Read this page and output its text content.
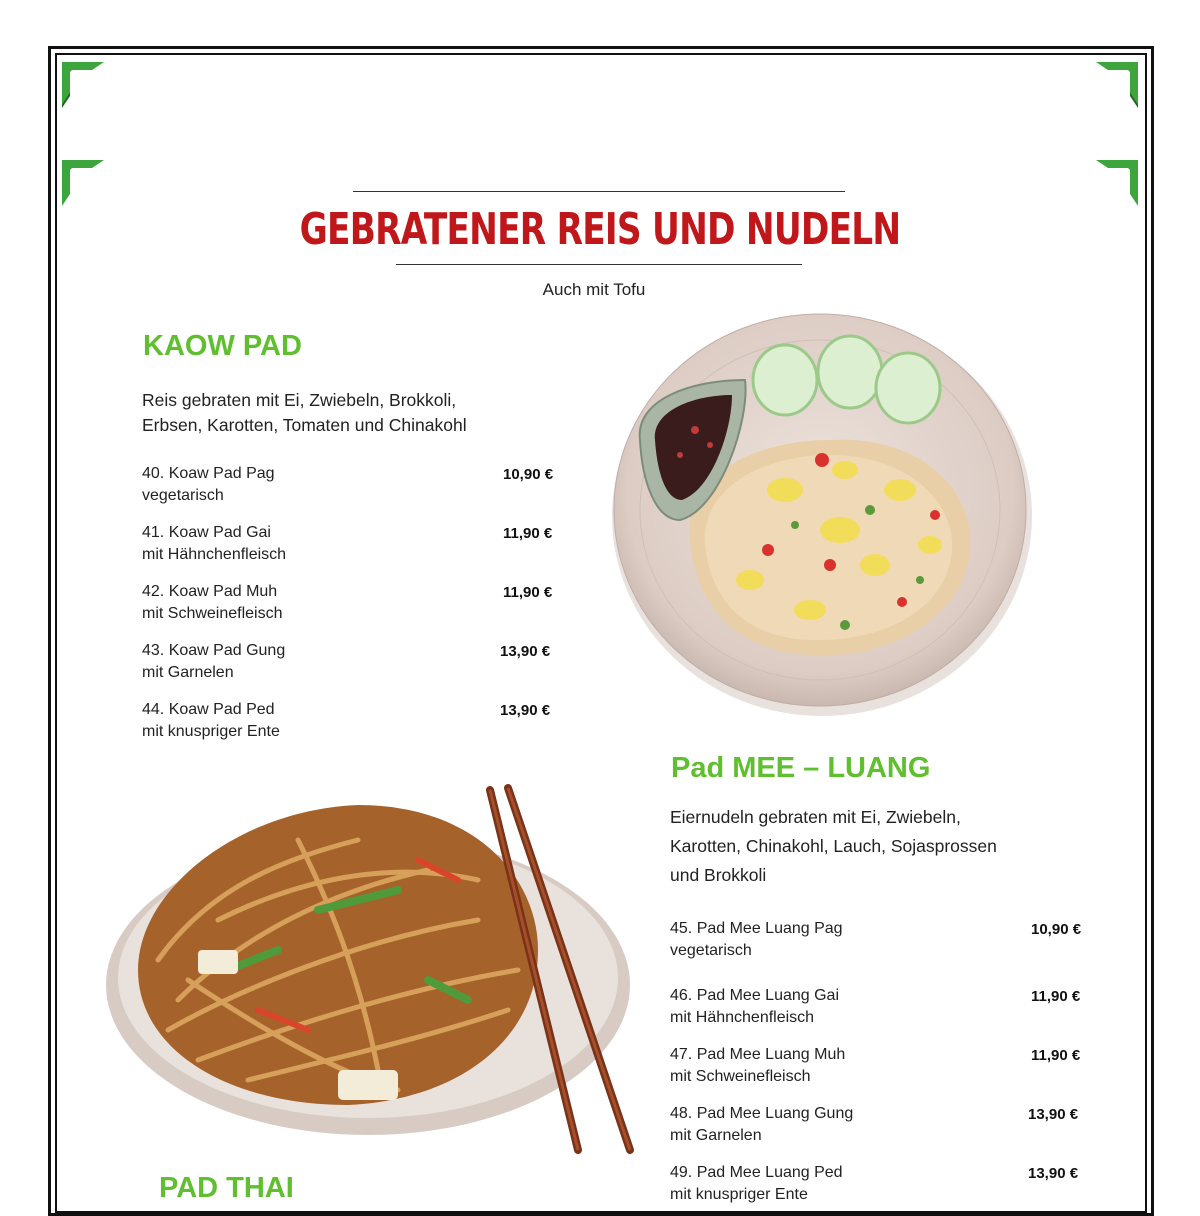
GEBRATENER REIS UND NUDELN
Auch mit Tofu
KAOW PAD
Reis gebraten mit Ei, Zwiebeln, Brokkoli,
Erbsen, Karotten, Tomaten und Chinakohl
40. Koaw Pad Pag
vegetarisch
10,90 €
41. Koaw Pad Gai
mit Hähnchenfleisch
11,90 €
42. Koaw Pad Muh
mit Schweinefleisch
11,90 €
43. Koaw Pad Gung
mit Garnelen
13,90 €
44. Koaw Pad Ped
mit knuspriger Ente
13,90 €
Pad MEE – LUANG
Eiernudeln gebraten mit Ei, Zwiebeln,
Karotten, Chinakohl, Lauch, Sojasprossen
und Brokkoli
45. Pad Mee Luang Pag
vegetarisch
10,90 €
46. Pad Mee Luang Gai
mit Hähnchenfleisch
11,90 €
47. Pad Mee Luang Muh
mit Schweinefleisch
11,90 €
48. Pad Mee Luang Gung
mit Garnelen
13,90 €
49. Pad Mee Luang Ped
mit knuspriger Ente
13,90 €
PAD THAI
